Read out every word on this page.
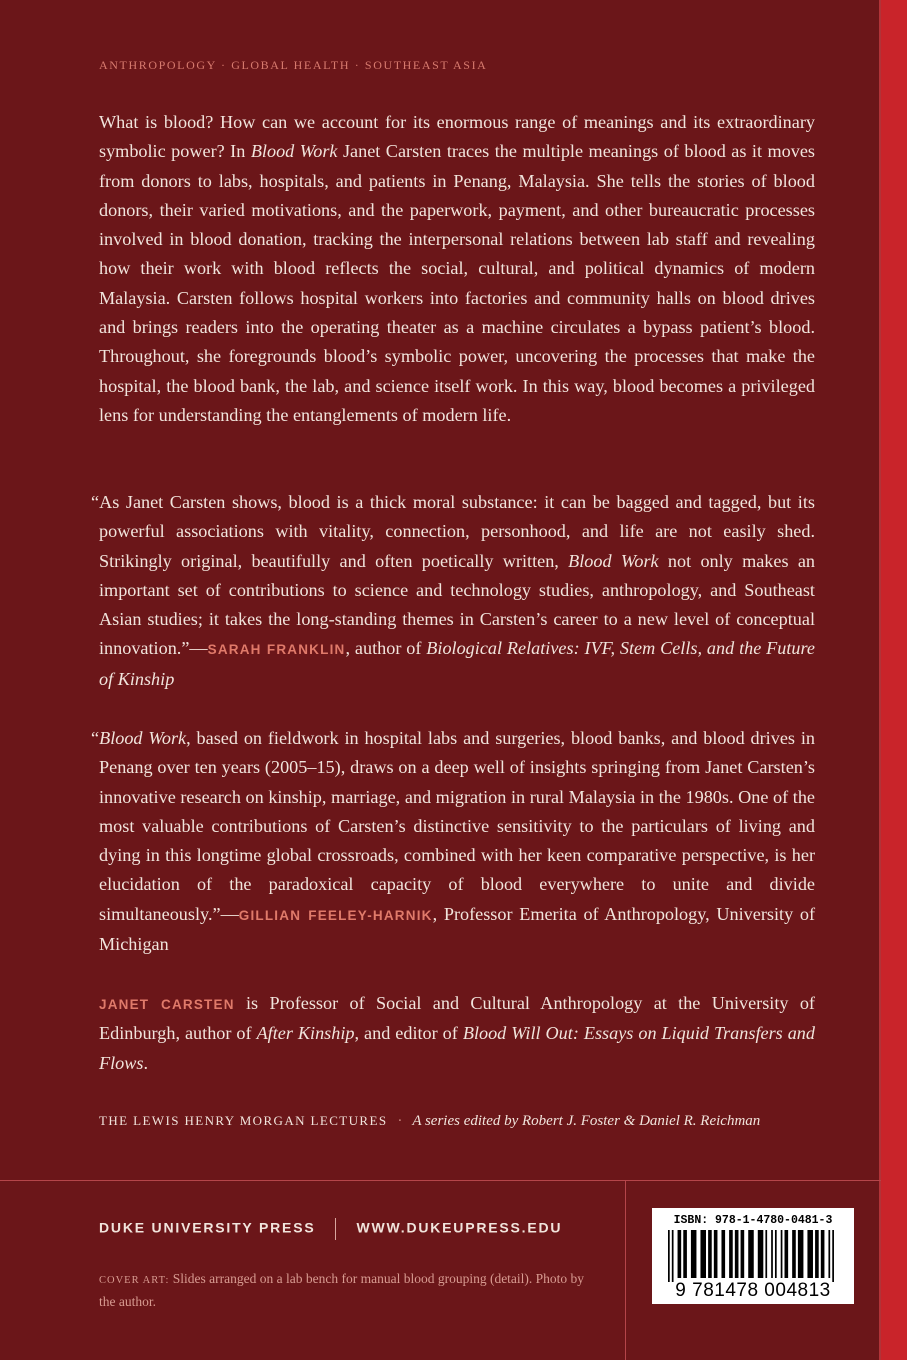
ANTHROPOLOGY · GLOBAL HEALTH · SOUTHEAST ASIA

What is blood? How can we account for its enormous range of meanings and its extraordinary symbolic power? In Blood Work Janet Carsten traces the multiple meanings of blood as it moves from donors to labs, hospitals, and patients in Penang, Malaysia. She tells the stories of blood donors, their varied motivations, and the paperwork, payment, and other bureaucratic processes involved in blood donation, tracking the interpersonal relations between lab staff and revealing how their work with blood reflects the social, cultural, and political dynamics of modern Malaysia. Carsten follows hospital workers into factories and community halls on blood drives and brings readers into the operating theater as a machine circulates a bypass patient’s blood. Throughout, she foregrounds blood’s symbolic power, uncovering the processes that make the hospital, the blood bank, the lab, and science itself work. In this way, blood becomes a privileged lens for understanding the entanglements of modern life.

“As Janet Carsten shows, blood is a thick moral substance: it can be bagged and tagged, but its powerful associations with vitality, connection, personhood, and life are not easily shed. Strikingly original, beautifully and often poetically written, Blood Work not only makes an important set of contributions to science and technology studies, anthropology, and Southeast Asian studies; it takes the long-standing themes in Carsten’s career to a new level of conceptual innovation.”—SARAH FRANKLIN, author of Biological Relatives: IVF, Stem Cells, and the Future of Kinship

“Blood Work, based on fieldwork in hospital labs and surgeries, blood banks, and blood drives in Penang over ten years (2005–15), draws on a deep well of insights springing from Janet Carsten’s innovative research on kinship, marriage, and migration in rural Malaysia in the 1980s. One of the most valuable contributions of Carsten’s distinctive sensitivity to the particulars of living and dying in this longtime global crossroads, combined with her keen comparative perspective, is her elucidation of the paradoxical capacity of blood everywhere to unite and divide simultaneously.”—GILLIAN FEELEY-HARNIK, Professor Emerita of Anthropology, University of Michigan

JANET CARSTEN is Professor of Social and Cultural Anthropology at the University of Edinburgh, author of After Kinship, and editor of Blood Will Out: Essays on Liquid Transfers and Flows.

THE LEWIS HENRY MORGAN LECTURES · A series edited by Robert J. Foster & Daniel R. Reichman
DUKE UNIVERSITY PRESS	WWW.DUKEUPRESS.EDU
COVER ART: Slides arranged on a lab bench for manual blood grouping (detail). Photo by the author.
ISBN: 978-1-4780-0481-3
9 781478 004813
